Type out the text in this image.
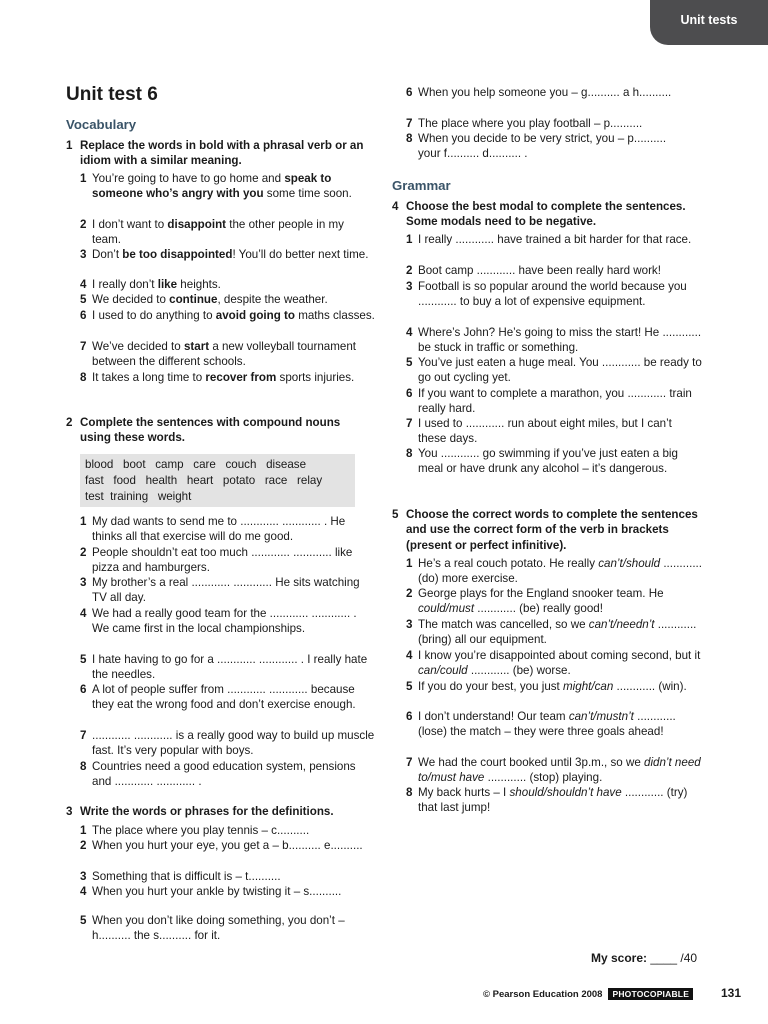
Unit tests
Unit test 6

Vocabulary

1 Replace the words in bold with a phrasal verb or an idiom with a similar meaning.
1 You’re going to have to go home and speak to someone who’s angry with you some time soon.
2 I don’t want to disappoint the other people in my team.
3 Don’t be too disappointed! You’ll do better next time.
4 I really don’t like heights.
5 We decided to continue, despite the weather.
6 I used to do anything to avoid going to maths classes.
7 We’ve decided to start a new volleyball tournament between the different schools.
8 It takes a long time to recover from sports injuries.
2 Complete the sentences with compound nouns using these words.
blood   boot   camp   care   couch   disease
fast   food   health   heart   potato   race   relay
test  training   weight
1 My dad wants to send me to ............ ............ . He thinks all that exercise will do me good.
2 People shouldn’t eat too much ............ ............ like pizza and hamburgers.
3 My brother’s a real ............ ............ He sits watching TV all day.
4 We had a really good team for the ............ ............ . We came first in the local championships.
5 I hate having to go for a ............ ............ . I really hate the needles.
6 A lot of people suffer from ............ ............ because they eat the wrong food and don’t exercise enough.
7 ............ ............ is a really good way to build up muscle fast. It’s very popular with boys.
8 Countries need a good education system, pensions and ............ ............ .
3 Write the words or phrases for the definitions.
1 The place where you play tennis – c..........
2 When you hurt your eye, you get a – b.......... e..........
3 Something that is difficult is – t..........
4 When you hurt your ankle by twisting it – s..........
5 When you don’t like doing something, you don’t – h.......... the s.......... for it.
6 When you help someone you – g.......... a h..........
7 The place where you play football – p..........
8 When you decide to be very strict, you – p.......... your f.......... d.......... .

Grammar

4 Choose the best modal to complete the sentences. Some modals need to be negative.
1 I really ............ have trained a bit harder for that race.
2 Boot camp ............ have been really hard work!
3 Football is so popular around the world because you ............ to buy a lot of expensive equipment.
4 Where’s John? He’s going to miss the start! He ............ be stuck in traffic or something.
5 You’ve just eaten a huge meal. You ............ be ready to go out cycling yet.
6 If you want to complete a marathon, you ............ train really hard.
7 I used to ............ run about eight miles, but I can’t these days.
8 You ............ go swimming if you’ve just eaten a big meal or have drunk any alcohol – it’s dangerous.
5 Choose the correct words to complete the sentences and use the correct form of the verb in brackets (present or perfect infinitive).
1 He’s a real couch potato. He really can’t/should ............ (do) more exercise.
2 George plays for the England snooker team. He could/must ............ (be) really good!
3 The match was cancelled, so we can’t/needn’t ............ (bring) all our equipment.
4 I know you’re disappointed about coming second, but it can/could ............ (be) worse.
5 If you do your best, you just might/can ............ (win).
6 I don’t understand! Our team can’t/mustn’t ............ (lose) the match – they were three goals ahead!
7 We had the court booked until 3p.m., so we didn’t need to/must have ............ (stop) playing.
8 My back hurts – I should/shouldn’t have ............ (try) that last jump!
My score: ____ /40
© Pearson Education 2008	PHOTOCOPIABLE	131
